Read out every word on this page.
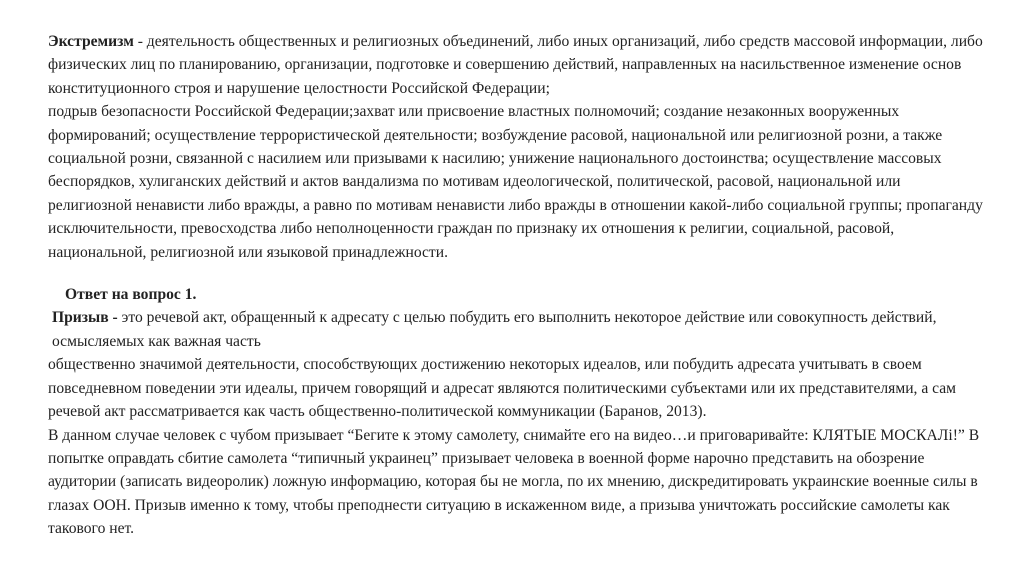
Экстремизм - деятельность общественных и религиозных объединений, либо иных организаций, либо средств массовой информации, либо физических лиц по планированию, организации, подготовке и совершению действий, направленных на насильственное изменение основ конституционного строя и нарушение целостности Российской Федерации;

подрыв безопасности Российской Федерации;захват или присвоение властных полномочий; создание незаконных вооруженных формирований; осуществление террористической деятельности; возбуждение расовой, национальной или религиозной розни, а также социальной розни, связанной с насилием или призывами к насилию; унижение национального достоинства; осуществление массовых беспорядков, хулиганских действий и актов вандализма по мотивам идеологической, политической, расовой, национальной или религиозной ненависти либо вражды, а равно по мотивам ненависти либо вражды в отношении какой-либо социальной группы; пропаганду исключительности, превосходства либо неполноценности граждан по признаку их отношения к религии, социальной, расовой, национальной, религиозной или языковой принадлежности.

Ответ на вопрос 1.

Призыв - это речевой акт, обращенный к адресату с целью побудить его выполнить некоторое действие или совокупность действий, осмысляемых как важная часть

общественно значимой деятельности, способствующих достижению некоторых идеалов, или побудить адресата учитывать в своем повседневном поведении эти идеалы, причем говорящий и адресат являются политическими субъектами или их представителями, а сам речевой акт рассматривается как часть общественно-политической коммуникации (Баранов, 2013).

В данном случае человек с чубом призывает “Бегите к этому самолету, снимайте его на видео…и приговаривайте: КЛЯТЫЕ МОСКАЛі!” В попытке оправдать сбитие самолета “типичный украинец” призывает человека в военной форме нарочно представить на обозрение аудитории (записать видеоролик) ложную информацию, которая бы не могла, по их мнению, дискредитировать украинские военные силы в глазах ООН. Призыв именно к тому, чтобы преподнести ситуацию в искаженном виде, а призыва уничтожать российские самолеты как такового нет.
